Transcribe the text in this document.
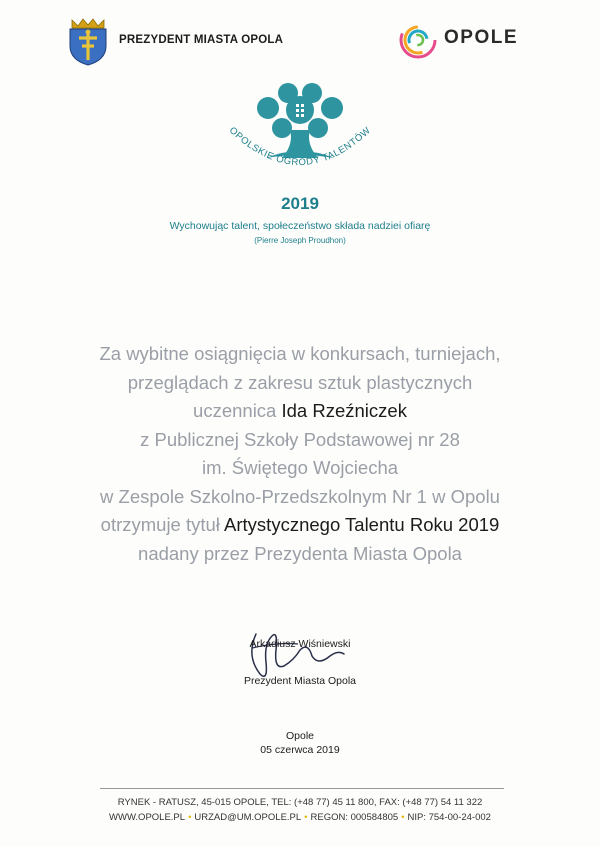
PREZYDENT MIASTA OPOLA	OPOLE
OPOLSKIE OGRODY TALENTÓW
2019
Wychowując talent, społeczeństwo składa nadziei ofiarę
(Pierre Joseph Proudhon)
Za wybitne osiągnięcia w konkursach, turniejach,
przeglądach z zakresu sztuk plastycznych
uczennica Ida Rzeźniczek
z Publicznej Szkoły Podstawowej nr 28
im. Świętego Wojciecha
w Zespole Szkolno-Przedszkolnym Nr 1 w Opolu
otrzymuje tytuł Artystycznego Talentu Roku 2019
nadany przez Prezydenta Miasta Opola
Arkadiusz Wiśniewski
Prezydent Miasta Opola
Opole
05 czerwca 2019
RYNEK - RATUSZ, 45-015 OPOLE, TEL: (+48 77) 45 11 800, FAX: (+48 77) 54 11 322
WWW.OPOLE.PL • URZAD@UM.OPOLE.PL • REGON: 000584805 • NIP: 754-00-24-002
